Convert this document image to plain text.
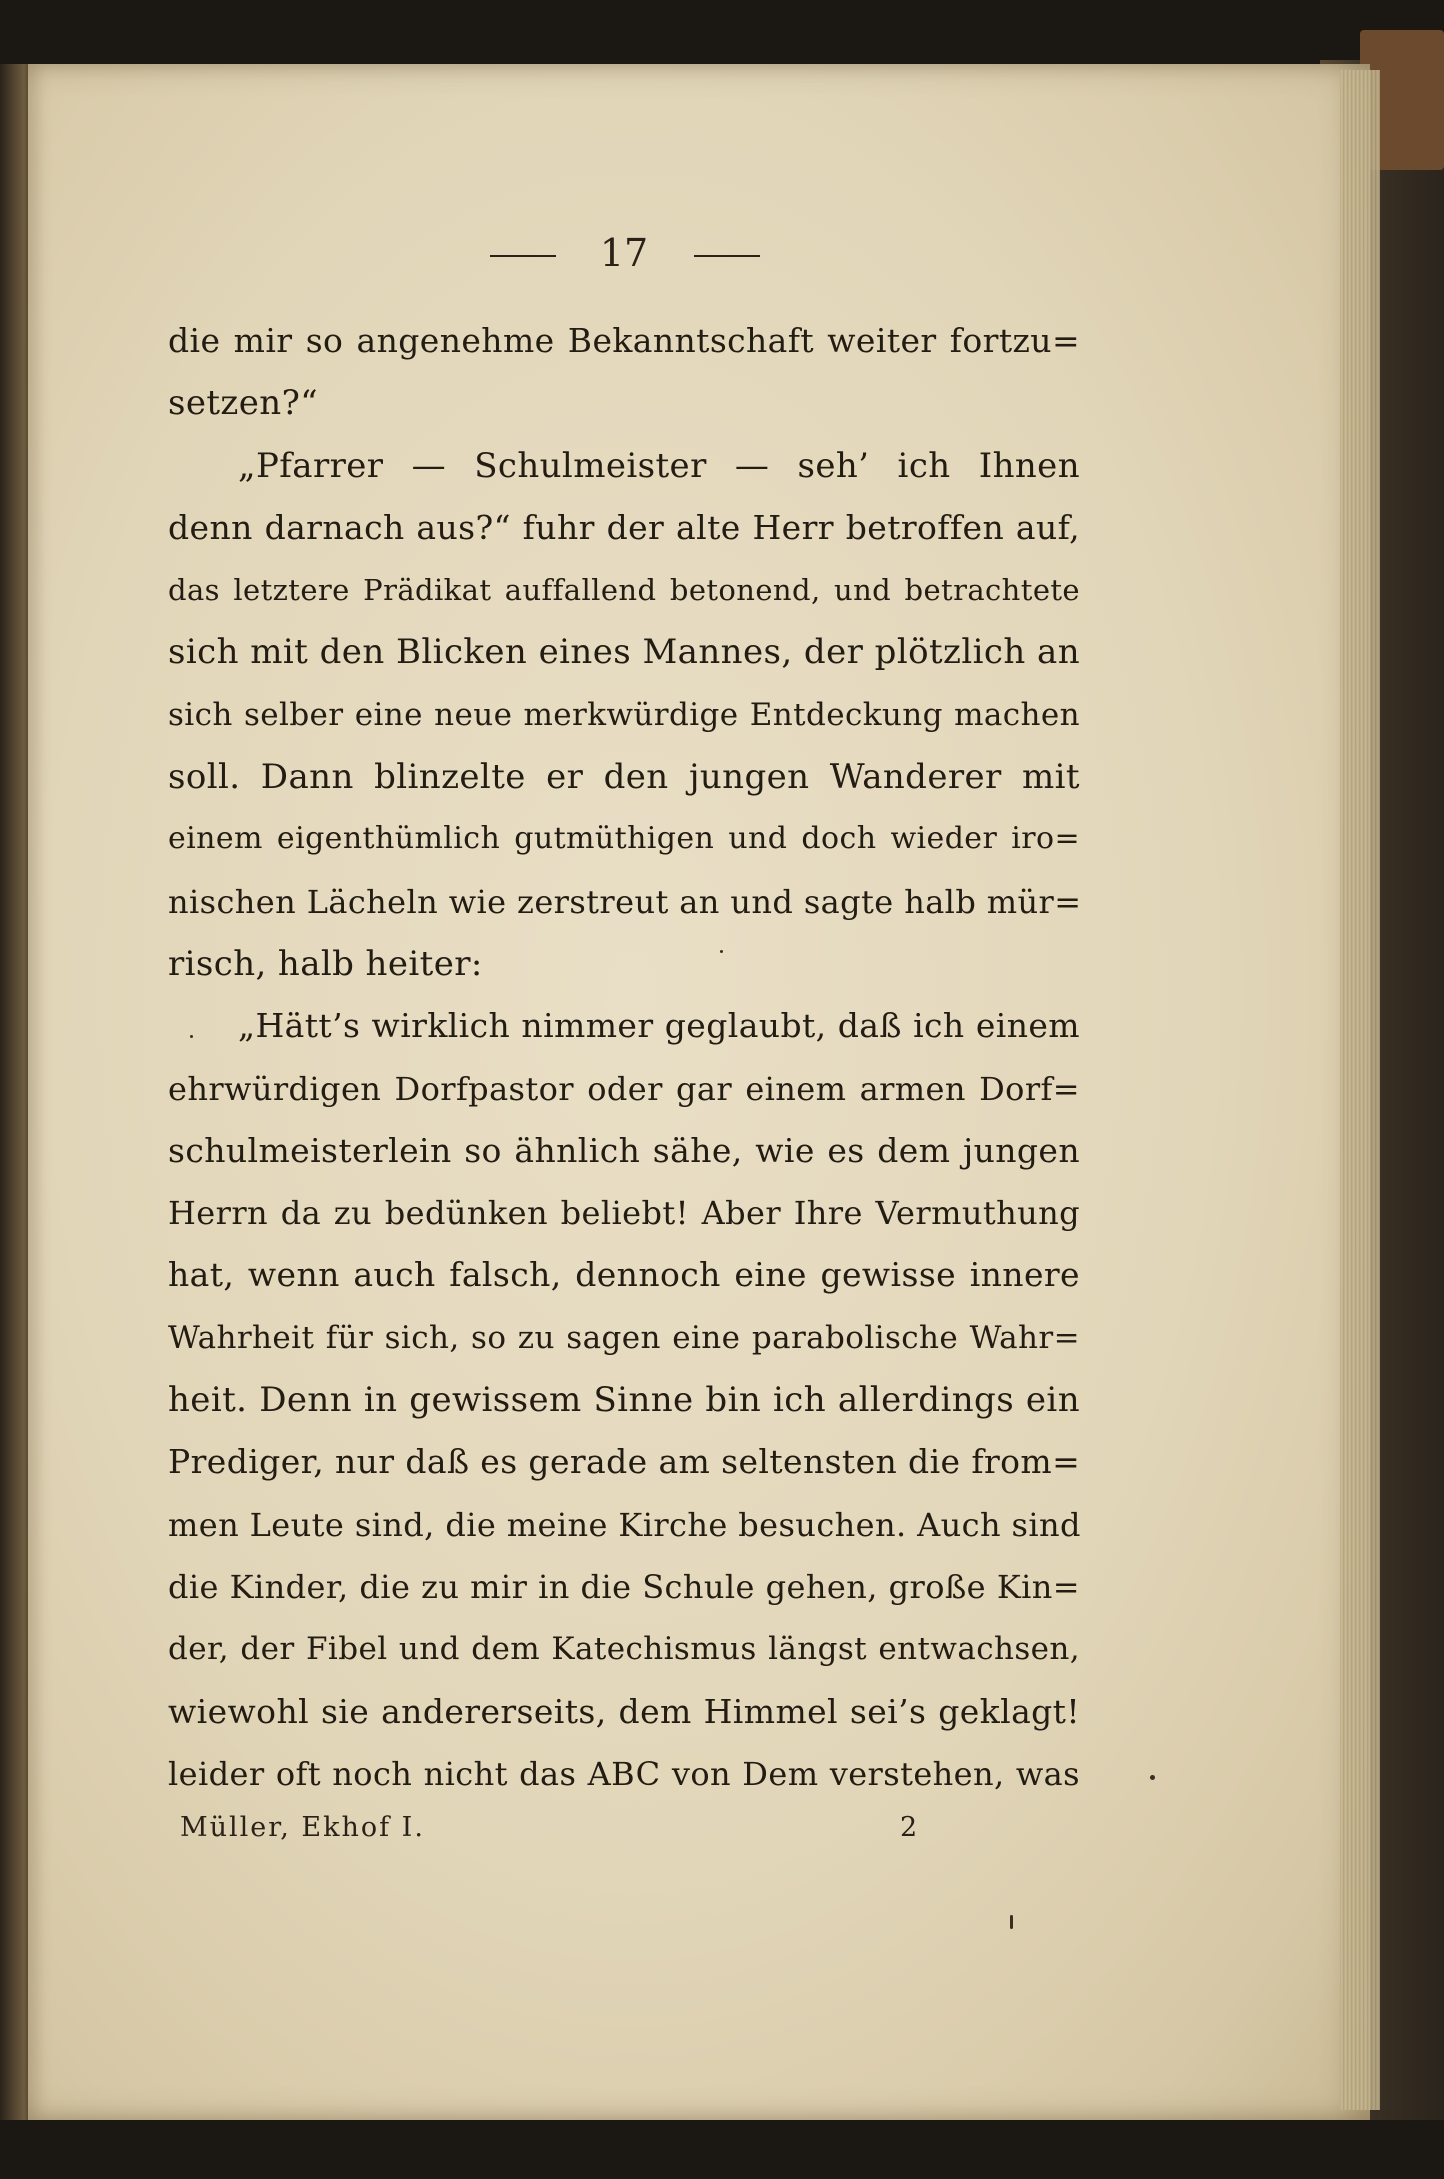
17
die mir so angenehme Bekanntschaft weiter fortzu=
setzen?“
„Pfarrer — Schulmeister — seh’ ich Ihnen
denn darnach aus?“ fuhr der alte Herr betroffen auf,
das letztere Prädikat auffallend betonend, und betrachtete
sich mit den Blicken eines Mannes, der plötzlich an
sich selber eine neue merkwürdige Entdeckung machen
soll. Dann blinzelte er den jungen Wanderer mit
einem eigenthümlich gutmüthigen und doch wieder iro=
nischen Lächeln wie zerstreut an und sagte halb mür=
risch, halb heiter:
„Hätt’s wirklich nimmer geglaubt, daß ich einem
ehrwürdigen Dorfpastor oder gar einem armen Dorf=
schulmeisterlein so ähnlich sähe, wie es dem jungen
Herrn da zu bedünken beliebt! Aber Ihre Vermuthung
hat, wenn auch falsch, dennoch eine gewisse innere
Wahrheit für sich, so zu sagen eine parabolische Wahr=
heit. Denn in gewissem Sinne bin ich allerdings ein
Prediger, nur daß es gerade am seltensten die from=
men Leute sind, die meine Kirche besuchen. Auch sind
die Kinder, die zu mir in die Schule gehen, große Kin=
der, der Fibel und dem Katechismus längst entwachsen,
wiewohl sie andererseits, dem Himmel sei’s geklagt!
leider oft noch nicht das ABC von Dem verstehen, was
Müller, Ekhof I.	2
